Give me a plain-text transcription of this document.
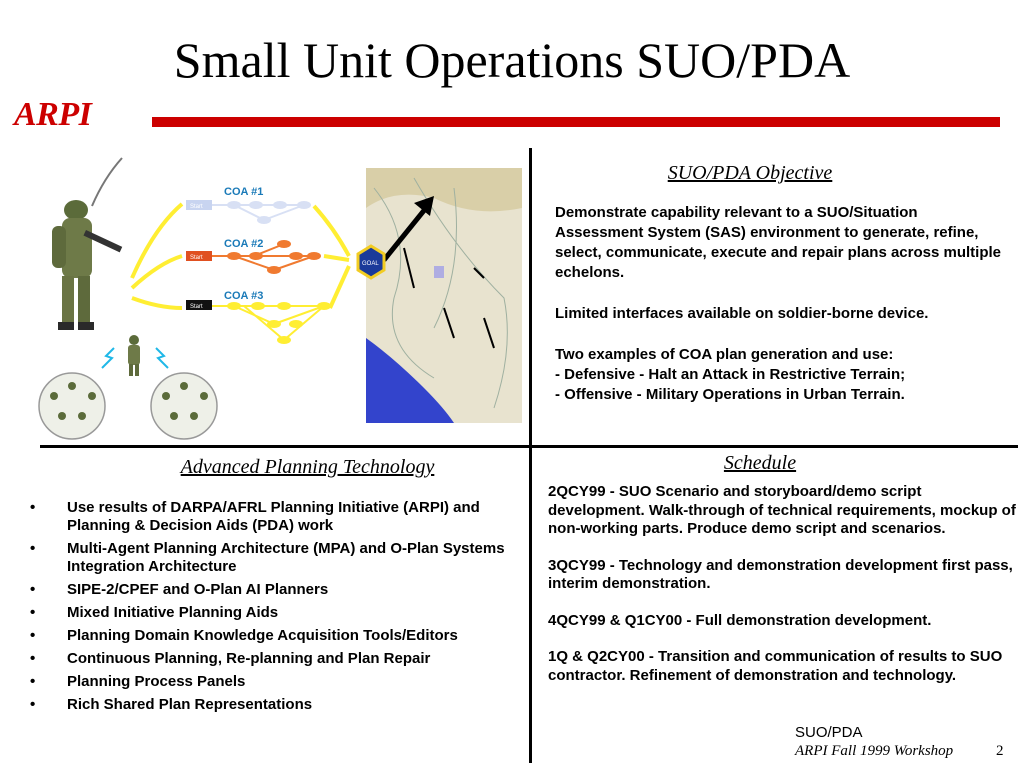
Small Unit Operations SUO/PDA
ARPI
COA #1
COA #2
COA #3
Start
Start
Start
GOAL
SUO/PDA Objective

Demonstrate capability relevant to a SUO/Situation Assessment System (SAS) environment to generate, refine, select, communicate, execute and repair plans across multiple echelons.

Limited interfaces available on soldier-borne device.

Two examples of COA plan generation and use:
- Defensive - Halt an Attack in Restrictive Terrain;
- Offensive - Military Operations in Urban Terrain.
Advanced Planning Technology
• Use results of DARPA/AFRL Planning Initiative (ARPI) and Planning & Decision Aids (PDA) work
• Multi-Agent Planning Architecture (MPA) and O-Plan Systems Integration Architecture
• SIPE-2/CPEF and O-Plan AI Planners
• Mixed Initiative Planning Aids
• Planning Domain Knowledge Acquisition Tools/Editors
• Continuous Planning, Re-planning and Plan Repair
• Planning Process Panels
• Rich Shared Plan Representations
Schedule

2QCY99 - SUO Scenario and storyboard/demo script development. Walk-through of technical requirements, mockup of non-working parts. Produce demo script and scenarios.

3QCY99 - Technology and demonstration development first pass, interim demonstration.

4QCY99 & Q1CY00 - Full demonstration development.

1Q & Q2CY00 - Transition and communication of results to SUO contractor. Refinement of demonstration and technology.

SUO/PDA
ARPI Fall 1999 Workshop	2
